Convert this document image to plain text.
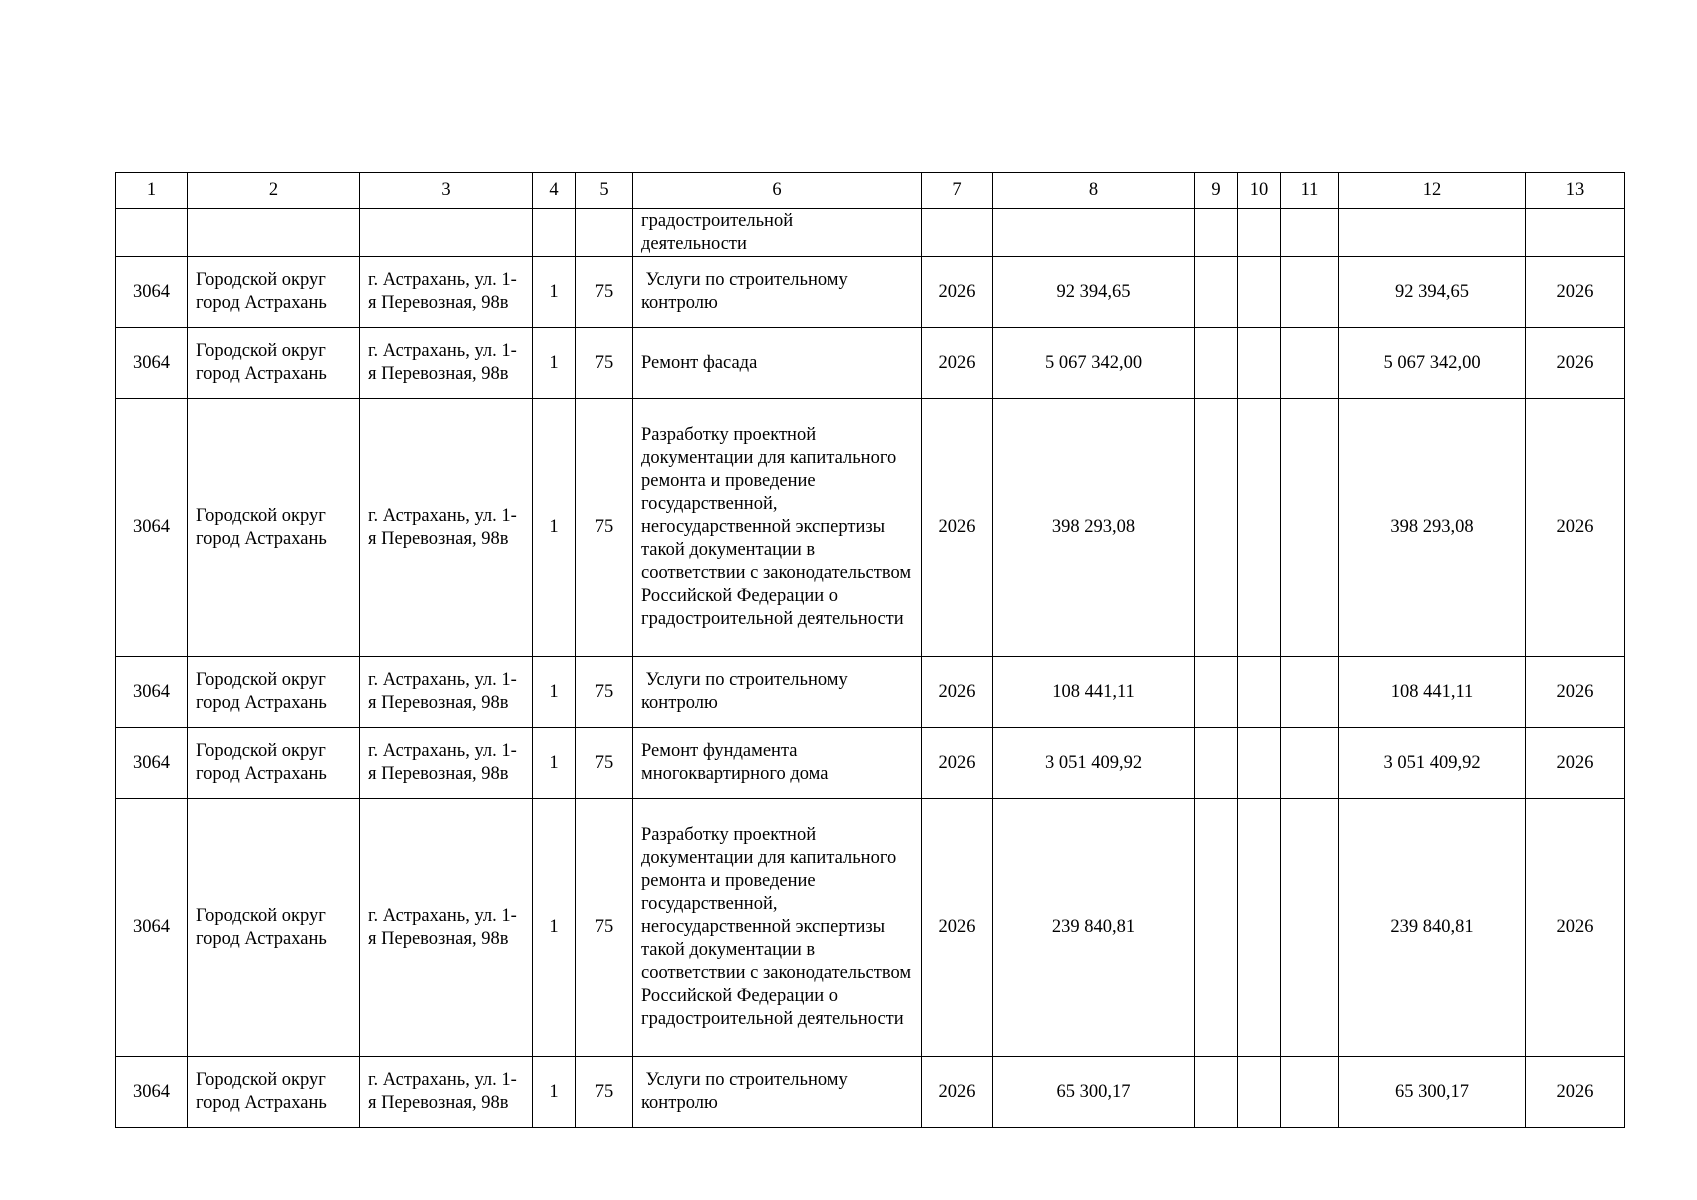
1	2	3	4	5	6	7	8	9	10	11	12	13
					градостроительной
деятельности							
3064	Городской округ город Астрахань	г. Астрахань, ул. 1-я Перевозная, 98в	1	75	Услуги по строительному контролю	2026	92 394,65				92 394,65	2026
3064	Городской округ город Астрахань	г. Астрахань, ул. 1-я Перевозная, 98в	1	75	Ремонт фасада	2026	5 067 342,00				5 067 342,00	2026
3064	Городской округ город Астрахань	г. Астрахань, ул. 1-я Перевозная, 98в	1	75	Разработку проектной документации для капитального ремонта и проведение государственной, негосударственной экспертизы такой документации в соответствии с законодательством Российской Федерации о градостроительной деятельности	2026	398 293,08				398 293,08	2026
3064	Городской округ город Астрахань	г. Астрахань, ул. 1-я Перевозная, 98в	1	75	Услуги по строительному контролю	2026	108 441,11				108 441,11	2026
3064	Городской округ город Астрахань	г. Астрахань, ул. 1-я Перевозная, 98в	1	75	Ремонт фундамента многоквартирного дома	2026	3 051 409,92				3 051 409,92	2026
3064	Городской округ город Астрахань	г. Астрахань, ул. 1-я Перевозная, 98в	1	75	Разработку проектной документации для капитального ремонта и проведение государственной, негосударственной экспертизы такой документации в соответствии с законодательством Российской Федерации о градостроительной деятельности	2026	239 840,81				239 840,81	2026
3064	Городской округ город Астрахань	г. Астрахань, ул. 1-я Перевозная, 98в	1	75	Услуги по строительному контролю	2026	65 300,17				65 300,17	2026
